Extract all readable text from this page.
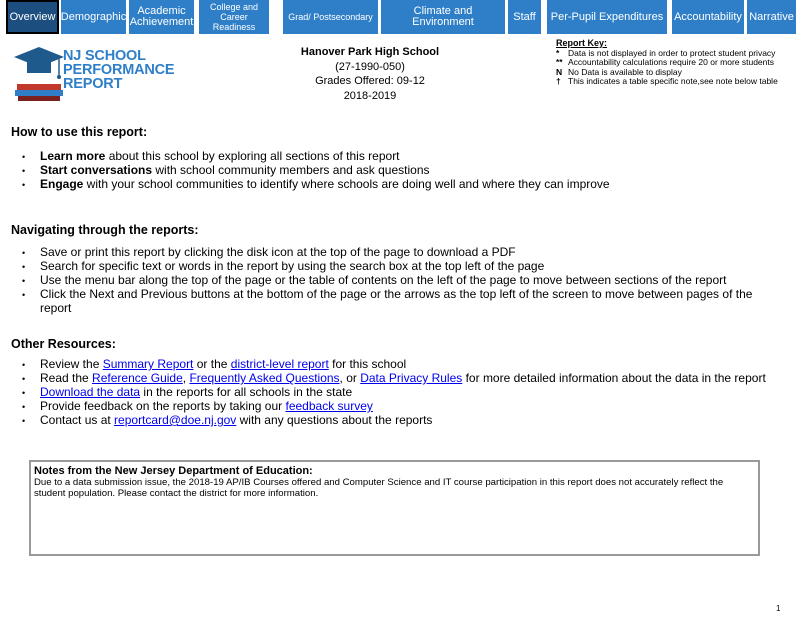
Overview Demographic	Academic Achievement
College and Career Readiness
Grad/ Postsecondary	Climate and Environment	Staff	Per-Pupil Expenditures Accountability Narrative
NJ SCHOOL
PERFORMANCE
REPORT
Hanover Park High School
(27-1990-050)
Grades Offered: 09-12
2018-2019
Report Key:
* Data is not displayed in order to protect student privacy
** Accountability calculations require 20 or more students
N No Data is available to display
† This indicates a table specific note,see note below table
How to use this report:
• Learn more about this school by exploring all sections of this report
• Start conversations with school community members and ask questions
• Engage with your school communities to identify where schools are doing well and where they can improve
Navigating through the reports:
• Save or print this report by clicking the disk icon at the top of the page to download a PDF
• Search for specific text or words in the report by using the search box at the top left of the page
• Use the menu bar along the top of the page or the table of contents on the left of the page to move between sections of the report
• Click the Next and Previous buttons at the bottom of the page or the arrows as the top left of the screen to move between pages of the report
Other Resources:
• Review the Summary Report or the district-level report for this school
• Read the Reference Guide, Frequently Asked Questions, or Data Privacy Rules for more detailed information about the data in the report
• Download the data in the reports for all schools in the state
• Provide feedback on the reports by taking our feedback survey
• Contact us at reportcard@doe.nj.gov with any questions about the reports
Notes from the New Jersey Department of Education:
Due to a data submission issue, the 2018-19 AP/IB Courses offered and Computer Science and IT course participation in this report does not accurately reflect the student population. Please contact the district for more information.
1
